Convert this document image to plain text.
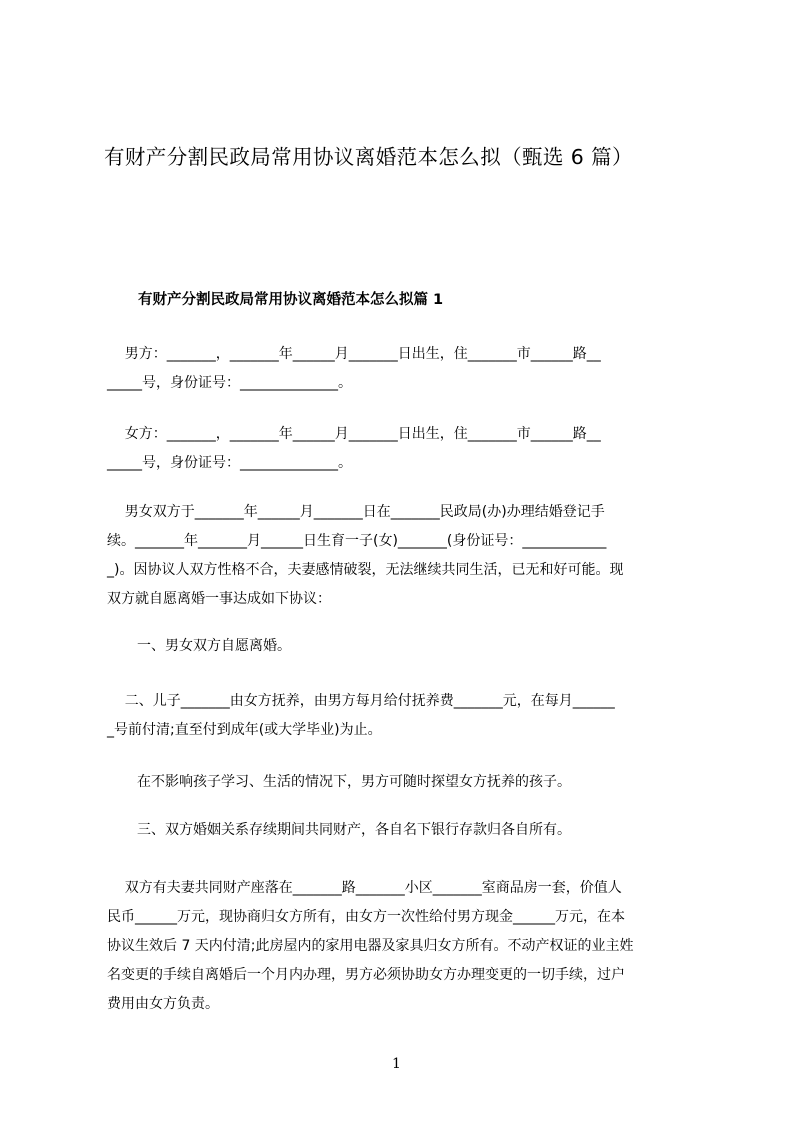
有财产分割民政局常用协议离婚范本怎么拟（甄选 6 篇）
有财产分割民政局常用协议离婚范本怎么拟篇 1
男方：_______，_______年______月_______日出生，住_______市______路__
_____号，身份证号：______________。
女方：_______，_______年______月_______日出生，住_______市______路__
_____号，身份证号：______________。
男女双方于_______年______月_______日在_______民政局(办)办理结婚登记手
续。_______年_______月______日生育一子(女)_______(身份证号：____________
_)。因协议人双方性格不合，夫妻感情破裂，无法继续共同生活，已无和好可能。现
双方就自愿离婚一事达成如下协议：
一、男女双方自愿离婚。
二、儿子_______由女方抚养，由男方每月给付抚养费_______元，在每月______
_号前付清;直至付到成年(或大学毕业)为止。
在不影响孩子学习、生活的情况下，男方可随时探望女方抚养的孩子。
三、双方婚姻关系存续期间共同财产，各自名下银行存款归各自所有。
双方有夫妻共同财产座落在_______路_______小区_______室商品房一套，价值人
民币______万元，现协商归女方所有，由女方一次性给付男方现金______万元，在本
协议生效后 7 天内付清;此房屋内的家用电器及家具归女方所有。不动产权证的业主姓
名变更的手续自离婚后一个月内办理，男方必须协助女方办理变更的一切手续，过户
费用由女方负责。
1
